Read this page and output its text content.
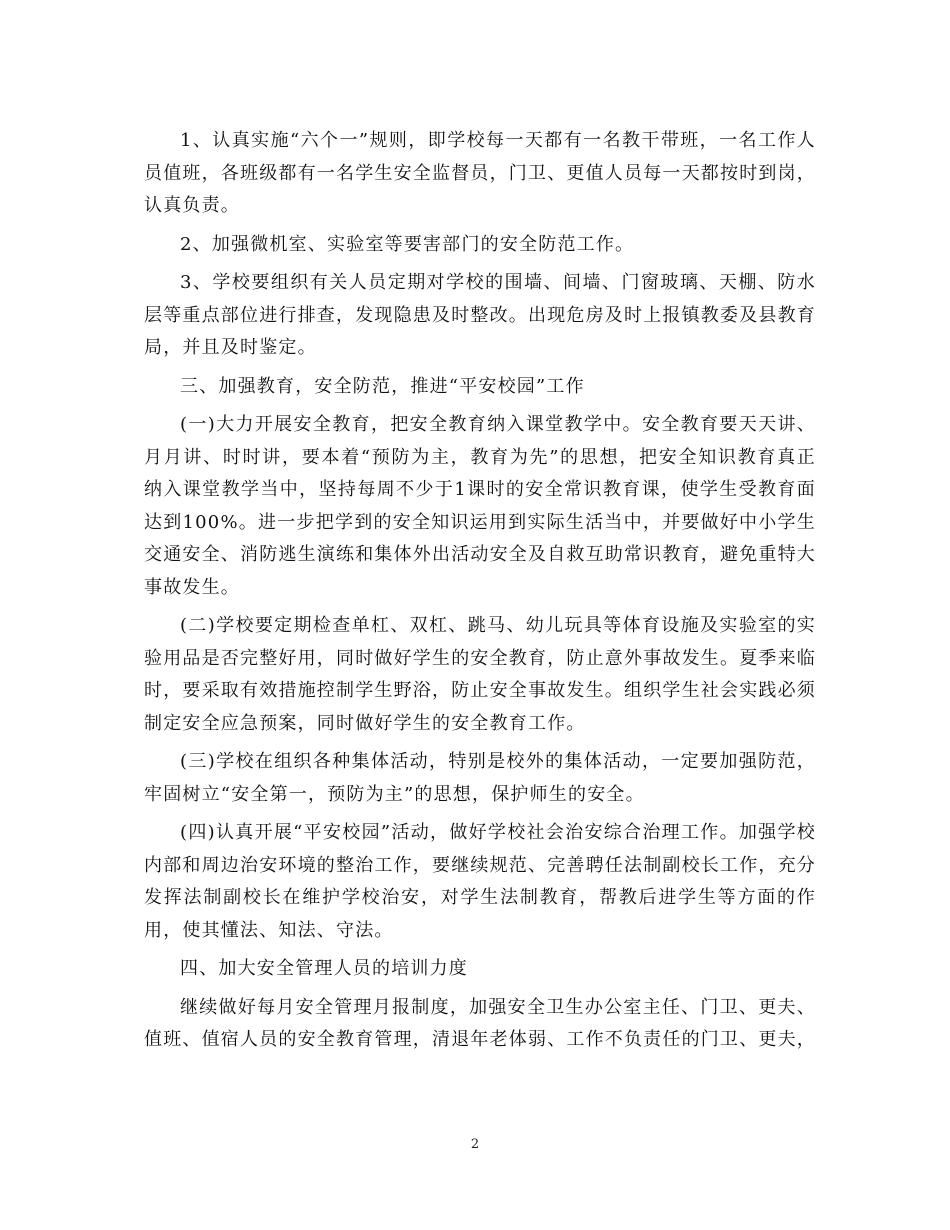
1、认真实施“六个一”规则，即学校每一天都有一名教干带班，一名工作人员值班，各班级都有一名学生安全监督员，门卫、更值人员每一天都按时到岗，认真负责。

2、加强微机室、实验室等要害部门的安全防范工作。

3、学校要组织有关人员定期对学校的围墙、间墙、门窗玻璃、天棚、防水层等重点部位进行排查，发现隐患及时整改。出现危房及时上报镇教委及县教育局，并且及时鉴定。

三、加强教育，安全防范，推进“平安校园”工作

(一)大力开展安全教育，把安全教育纳入课堂教学中。安全教育要天天讲、月月讲、时时讲，要本着“预防为主，教育为先”的思想，把安全知识教育真正纳入课堂教学当中，坚持每周不少于1课时的安全常识教育课，使学生受教育面达到100%。进一步把学到的安全知识运用到实际生活当中，并要做好中小学生交通安全、消防逃生演练和集体外出活动安全及自救互助常识教育，避免重特大事故发生。

(二)学校要定期检查单杠、双杠、跳马、幼儿玩具等体育设施及实验室的实验用品是否完整好用，同时做好学生的安全教育，防止意外事故发生。夏季来临时，要采取有效措施控制学生野浴，防止安全事故发生。组织学生社会实践必须制定安全应急预案，同时做好学生的安全教育工作。

(三)学校在组织各种集体活动，特别是校外的集体活动，一定要加强防范，牢固树立“安全第一，预防为主”的思想，保护师生的安全。

(四)认真开展“平安校园”活动，做好学校社会治安综合治理工作。加强学校内部和周边治安环境的整治工作，要继续规范、完善聘任法制副校长工作，充分发挥法制副校长在维护学校治安，对学生法制教育，帮教后进学生等方面的作用，使其懂法、知法、守法。

四、加大安全管理人员的培训力度

继续做好每月安全管理月报制度，加强安全卫生办公室主任、门卫、更夫、值班、值宿人员的安全教育管理，清退年老体弱、工作不负责任的门卫、更夫，

2
